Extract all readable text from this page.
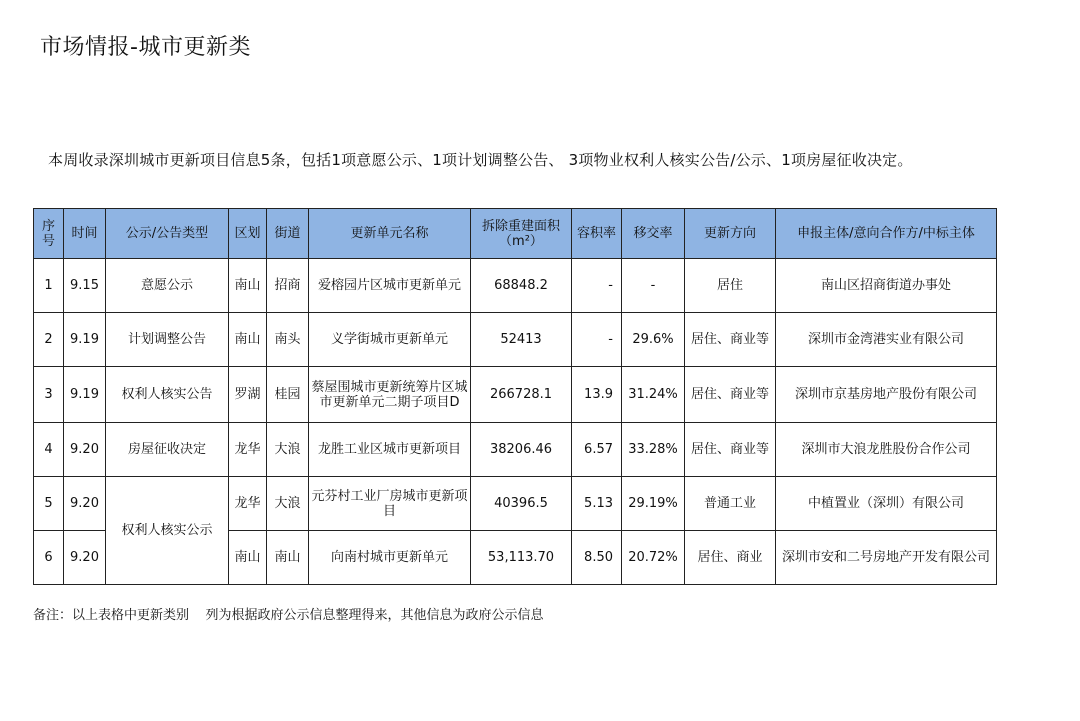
市场情报-城市更新类
本周收录深圳城市更新项目信息5条，包括1项意愿公示、1项计划调整公告、 3项物业权利人核实公告/公示、1项房屋征收决定。
序号	时间	公示/公告类型	区划	街道	更新单元名称	拆除重建面积（m²）	容积率	移交率	更新方向	申报主体/意向合作方/中标主体
1	9.15	意愿公示	南山	招商	爱榕园片区城市更新单元	68848.2	-	-	居住	南山区招商街道办事处
2	9.19	计划调整公告	南山	南头	义学街城市更新单元	52413	-	29.6%	居住、商业等	深圳市金湾港实业有限公司
3	9.19	权利人核实公告	罗湖	桂园	蔡屋围城市更新统筹片区城市更新单元二期子项目D	266728.1	13.9	31.24%	居住、商业等	深圳市京基房地产股份有限公司
4	9.20	房屋征收决定	龙华	大浪	龙胜工业区城市更新项目	38206.46	6.57	33.28%	居住、商业等	深圳市大浪龙胜股份合作公司
5	9.20	权利人核实公示	龙华	大浪	元芬村工业厂房城市更新项目	40396.5	5.13	29.19%	普通工业	中植置业（深圳）有限公司
6	9.20		南山	南山	向南村城市更新单元	53,113.70	8.50	20.72%	居住、商业	深圳市安和二号房地产开发有限公司
备注：以上表格中更新类别    列为根据政府公示信息整理得来，其他信息为政府公示信息
